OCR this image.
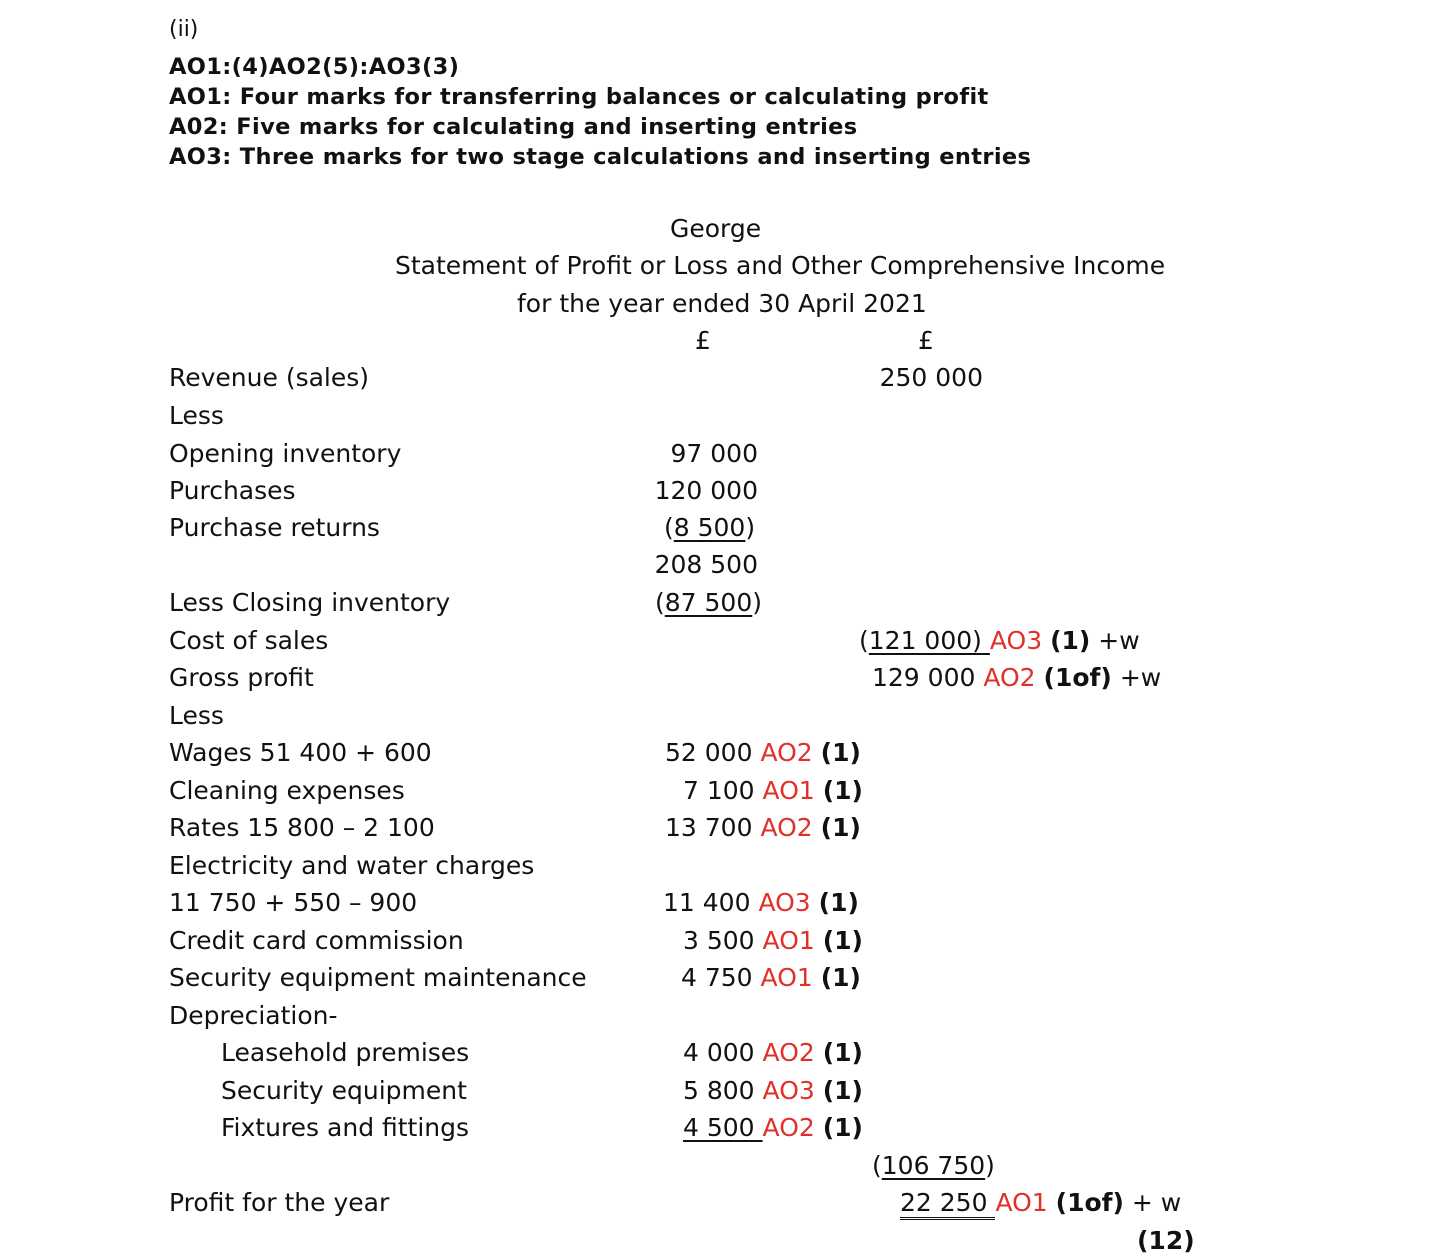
(ii)
AO1:(4)AO2(5):AO3(3)
AO1: Four marks for transferring balances or calculating profit
A02: Five marks for calculating and inserting entries
AO3: Three marks for two stage calculations and inserting entries
George
Statement of Profit or Loss and Other Comprehensive Income
for the year ended 30 April 2021
£	£
Revenue (sales)	250 000
Less
Opening inventory	97 000
Purchases	120 000
Purchase returns	(8 500)
208 500
Less Closing inventory	(87 500)
Cost of sales	(121 000) AO3 (1) +w
Gross profit	129 000 AO2 (1of) +w
Less
Wages 51 400 + 600	52 000 AO2 (1)
Cleaning expenses	7 100 AO1 (1)
Rates 15 800 – 2 100	13 700 AO2 (1)
Electricity and water charges
11 750 + 550 – 900	11 400 AO3 (1)
Credit card commission	3 500 AO1 (1)
Security equipment maintenance	4 750 AO1 (1)
Depreciation-
Leasehold premises	4 000 AO2 (1)
Security equipment	5 800 AO3 (1)
Fixtures and fittings	4 500 AO2 (1)
(106 750)
Profit for the year	22 250 AO1 (1of) + w
(12)
